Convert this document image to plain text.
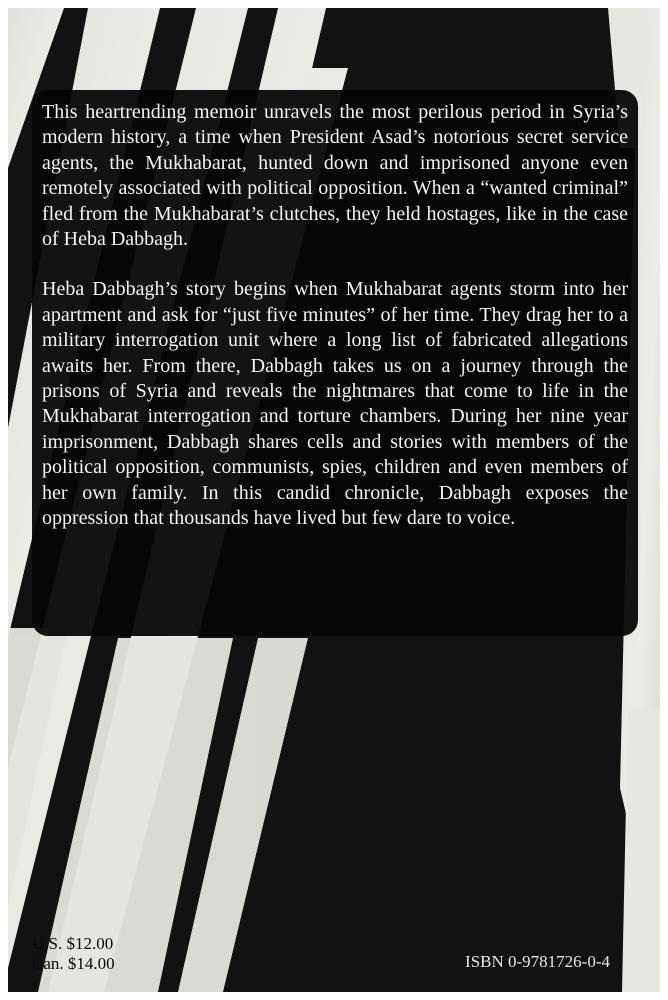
This heartrending memoir unravels the most perilous period in Syria’s modern history, a time when President Asad’s notorious secret service agents, the Mukhabarat, hunted down and imprisoned anyone even remotely associated with political opposition. When a “wanted criminal” fled from the Mukhabarat’s clutches, they held hostages, like in the case of Heba Dabbagh.

Heba Dabbagh’s story begins when Mukhabarat agents storm into her apartment and ask for “just five minutes” of her time. They drag her to a military interrogation unit where a long list of fabricated allegations awaits her. From there, Dabbagh takes us on a journey through the prisons of Syria and reveals the nightmares that come to life in the Mukhabarat interrogation and torture chambers. During her nine year imprisonment, Dabbagh shares cells and stories with members of the political opposition, communists, spies, children and even members of her own family. In this candid chronicle, Dabbagh exposes the oppression that thousands have lived but few dare to voice.

U.S. $12.00
Can. $14.00	ISBN 0-9781726-0-4
